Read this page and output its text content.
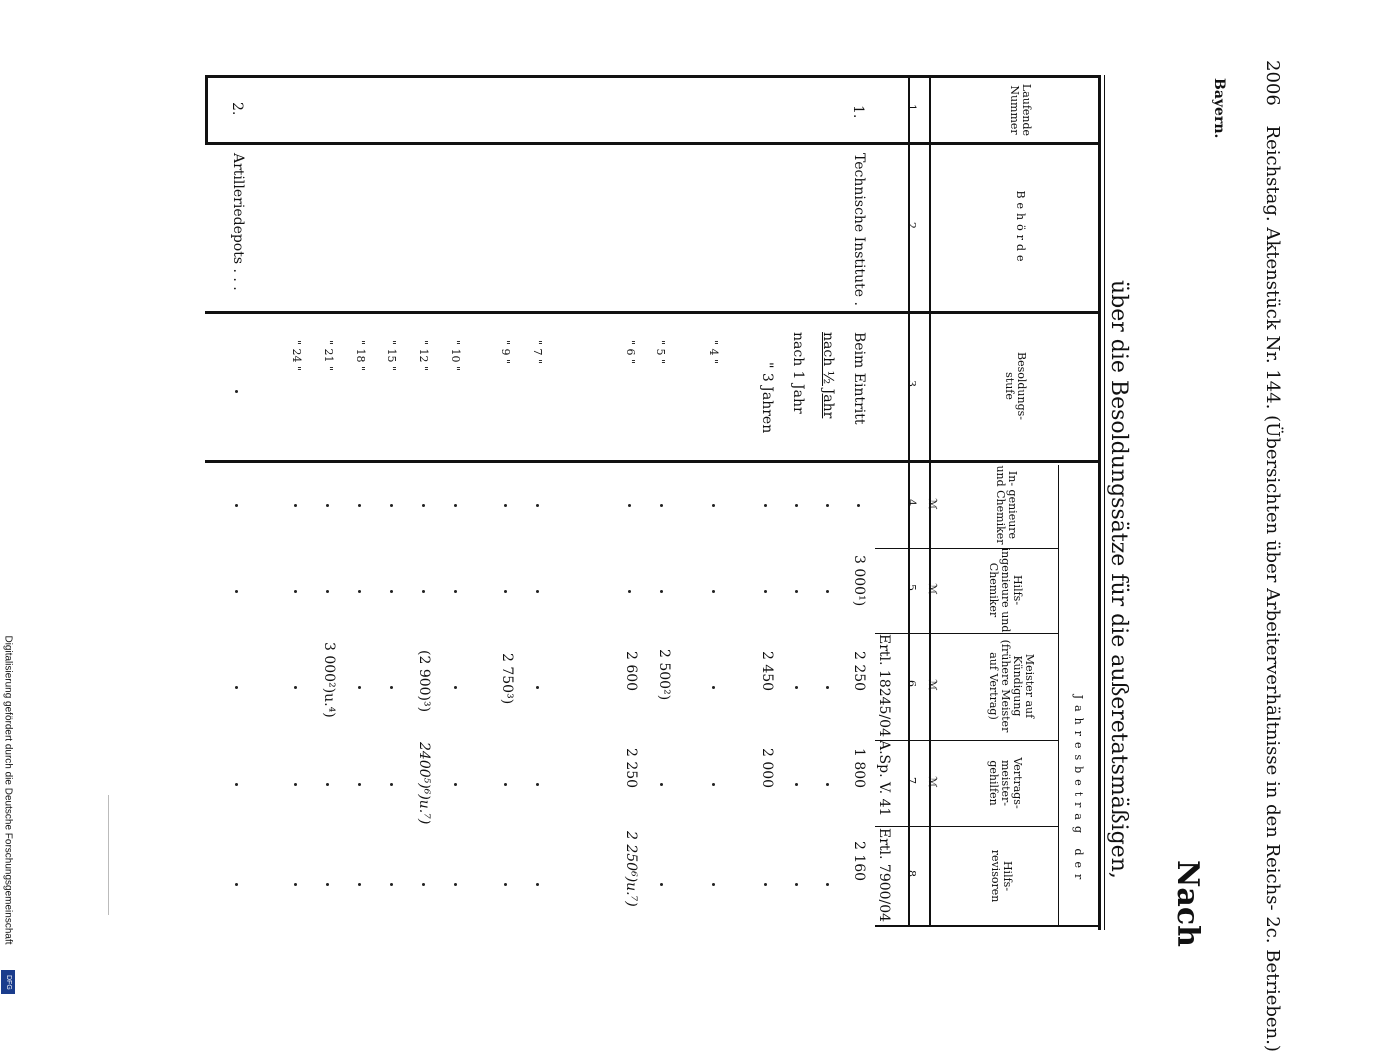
2006 Reichstag. Aktenstück Nr. 144. (Übersichten über Arbeiterverhältnisse in den Reichs- 2c. Betrieben.)
Bayern.
Nach
über die Besoldungssätze für die außeretatsmäßigen,
Laufende Nummer
Behörde
Besoldungs- stufe
Jahresbetrag der
In- genieure und Chemiker
Hilfs- ingenieure und Chemiker
Meister auf Kündigung (frühere Meister auf Vertrag)
Vertrags- meister- gehilfen
Hilfs- revisoren
ℳ
ℳ
ℳ
ℳ
1
2
3
4
5
6
7
8
Ertl. 18245/04
A.Sp. V. 41
Ertl. 7900/04
1.
Technische Institute .
Beim Eintritt
nach ½ Jahr
nach 1 Jahr
" 3 Jahren
" 4 "
" 5 "
" 6 "
" 7 "
" 9 "
" 10 "
" 12 "
" 15 "
" 18 "
" 21 "
" 24 "
3 000¹)
2 250
2 450
2 500²)
2 600
2 750³)
(2 900)³)
3 000²)u.⁴)
1 800
2 000
2 250
2400⁵)⁶)u.⁷)
2 160
2 250⁶)u.⁷)
2.
Artilleriedepots . . .
Digitalisierung gefördert durch die Deutsche Forschungsgemeinschaft
DFG
